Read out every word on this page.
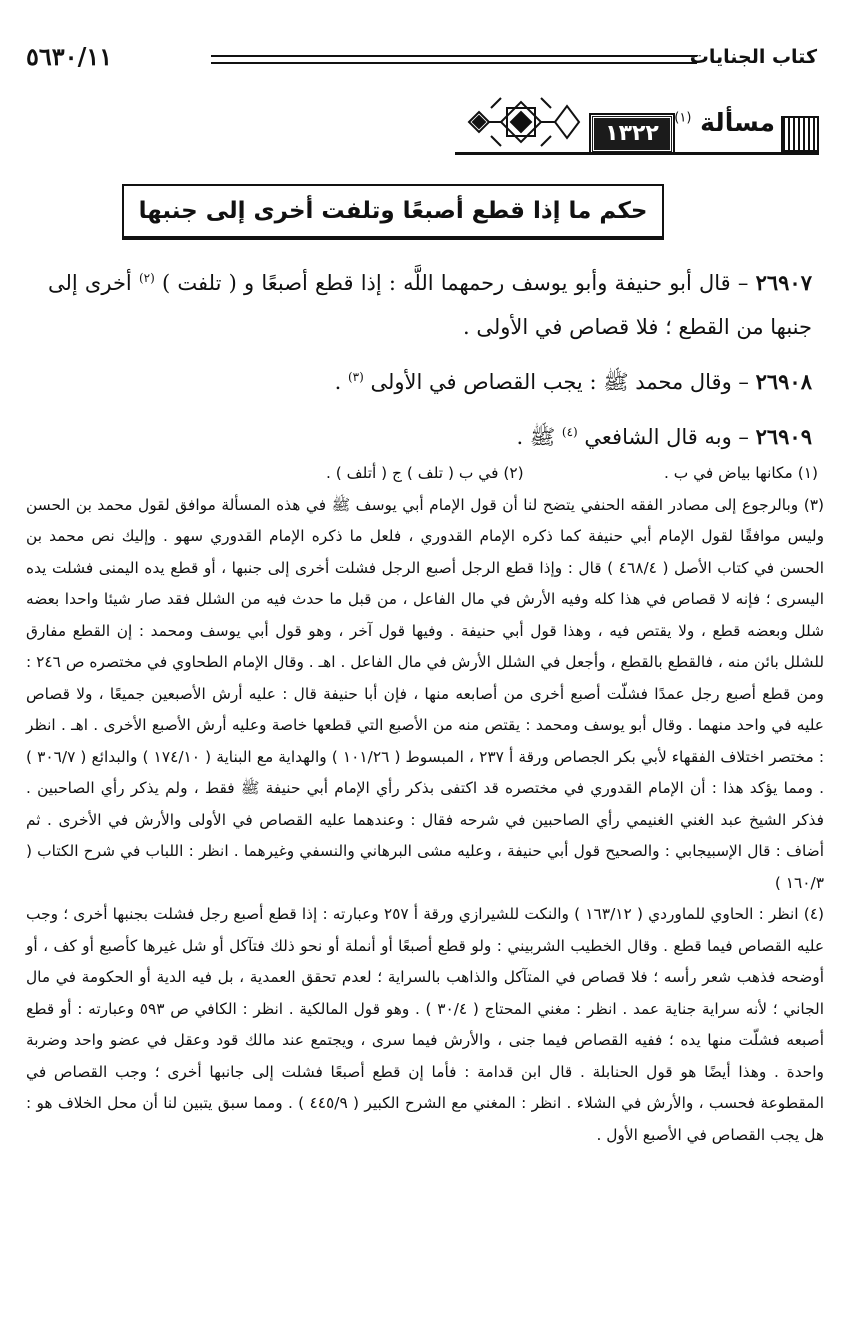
كتاب الجنايات
٥٦٣٠/١١
مسألة $^{(١)}$
١٣٢٢
حكم ما إذا قطع أصبعًا وتلفت أخرى إلى جنبها

٢٦٩٠٧ – قال أبو حنيفة وأبو يوسف رحمهما اللَّه : إذا قطع أصبعًا و ( تلفت ) $^{(٢)}$ أخرى إلى جنبها من القطع ؛ فلا قصاص في الأولى .

٢٦٩٠٨ – وقال محمد ﷺ : يجب القصاص في الأولى $^{(٣)}$ .

٢٦٩٠٩ – وبه قال الشافعي $^{(٤)}$ ﷺ .

(١) مكانها بياض في ب .
(٢) في ب ( تلف ) ج ( أتلف ) .

(٣) وبالرجوع إلى مصادر الفقه الحنفي يتضح لنا أن قول الإمام أبي يوسف ﷺ في هذه المسألة موافق لقول محمد بن الحسن وليس موافقًا لقول الإمام أبي حنيفة كما ذكره الإمام القدوري ، فلعل ما ذكره الإمام القدوري سهو . وإليك نص محمد بن الحسن في كتاب الأصل ( ٤٦٨/٤ ) قال : وإذا قطع الرجل أصبع الرجل فشلت أخرى إلى جنبها ، أو قطع يده اليمنى فشلت يده اليسرى ؛ فإنه لا قصاص في هذا كله وفيه الأرش في مال الفاعل ، من قبل ما حدث فيه من الشلل فقد صار شيئا واحدا بعضه شلل وبعضه قطع ، ولا يقتص فيه ، وهذا قول أبي حنيفة . وفيها قول آخر ، وهو قول أبي يوسف ومحمد : إن القطع مفارق للشلل بائن منه ، فالقطع بالقطع ، وأجعل في الشلل الأرش في مال الفاعل . اهـ . وقال الإمام الطحاوي في مختصره ص ٢٤٦ : ومن قطع أصبع رجل عمدًا فشلّت أصبع أخرى من أصابعه منها ، فإن أبا حنيفة قال : عليه أرش الأصبعين جميعًا ، ولا قصاص عليه في واحد منهما . وقال أبو يوسف ومحمد : يقتص منه من الأصبع التي قطعها خاصة وعليه أرش الأصبع الأخرى . اهـ . انظر : مختصر اختلاف الفقهاء لأبي بكر الجصاص ورقة أ ٢٣٧ ، المبسوط ( ١٠١/٢٦ ) والهداية مع البناية ( ١٧٤/١٠ ) والبدائع ( ٣٠٦/٧ ) . ومما يؤكد هذا : أن الإمام القدوري في مختصره قد اكتفى بذكر رأي الإمام أبي حنيفة ﷺ فقط ، ولم يذكر رأي الصاحبين . فذكر الشيخ عبد الغني الغنيمي رأي الصاحبين في شرحه فقال : وعندهما عليه القصاص في الأولى والأرش في الأخرى . ثم أضاف : قال الإسبيجابي : والصحيح قول أبي حنيفة ، وعليه مشى البرهاني والنسفي وغيرهما . انظر : اللباب في شرح الكتاب ( ١٦٠/٣ )

(٤) انظر : الحاوي للماوردي ( ١٦٣/١٢ ) والنكت للشيرازي ورقة أ ٢٥٧ وعبارته : إذا قطع أصبع رجل فشلت بجنبها أخرى ؛ وجب عليه القصاص فيما قطع . وقال الخطيب الشربيني : ولو قطع أصبعًا أو أنملة أو نحو ذلك فتآكل أو شل غيرها كأصبع أو كف ، أو أوضحه فذهب شعر رأسه ؛ فلا قصاص في المتآكل والذاهب بالسراية ؛ لعدم تحقق العمدية ، بل فيه الدية أو الحكومة في مال الجاني ؛ لأنه سراية جناية عمد . انظر : مغني المحتاج ( ٣٠/٤ ) . وهو قول المالكية . انظر : الكافي ص ٥٩٣ وعبارته : أو قطع أصبعه فشلّت منها يده ؛ ففيه القصاص فيما جنى ، والأرش فيما سرى ، ويجتمع عند مالك قود وعقل في عضو واحد وضربة واحدة . وهذا أيضًا هو قول الحنابلة . قال ابن قدامة : فأما إن قطع أصبعًا فشلت إلى جانبها أخرى ؛ وجب القصاص في المقطوعة فحسب ، والأرش في الشلاء . انظر : المغني مع الشرح الكبير ( ٤٤٥/٩ ) . ومما سبق يتبين لنا أن محل الخلاف هو : هل يجب القصاص في الأصبع الأول .
